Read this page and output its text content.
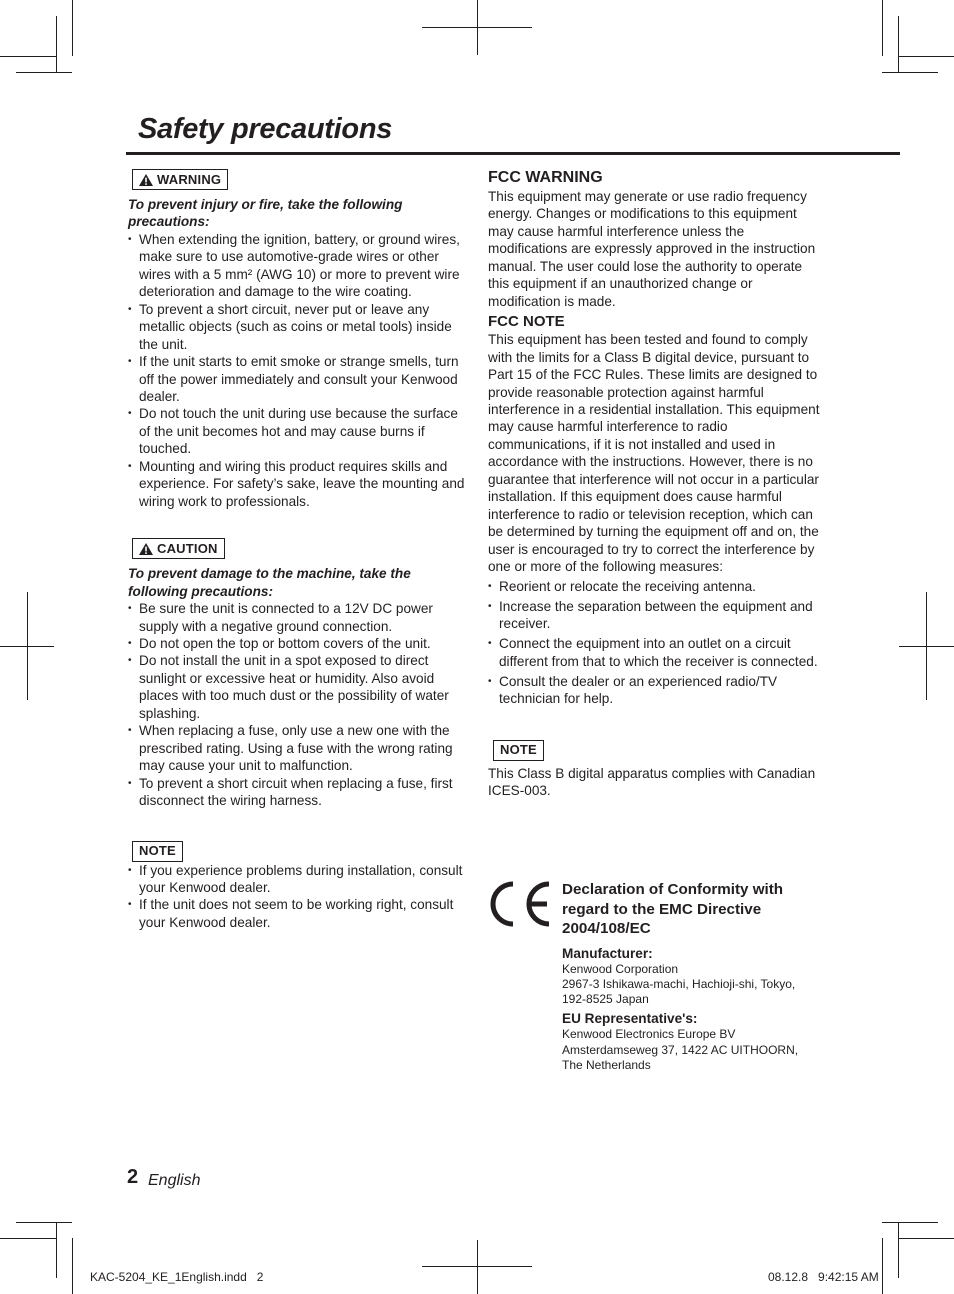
Safety precautions
WARNING
To prevent injury or fire, take the following precautions:
• When extending the ignition, battery, or ground wires, make sure to use automotive-grade wires or other wires with a 5 mm² (AWG 10) or more to prevent wire deterioration and damage to the wire coating.
• To prevent a short circuit, never put or leave any metallic objects (such as coins or metal tools) inside the unit.
• If the unit starts to emit smoke or strange smells, turn off the power immediately and consult your Kenwood dealer.
• Do not touch the unit during use because the surface of the unit becomes hot and may cause burns if touched.
• Mounting and wiring this product requires skills and experience. For safety’s sake, leave the mounting and wiring work to professionals.
CAUTION
To prevent damage to the machine, take the following precautions:
• Be sure the unit is connected to a 12V DC power supply with a negative ground connection.
• Do not open the top or bottom covers of the unit.
• Do not install the unit in a spot exposed to direct sunlight or excessive heat or humidity. Also avoid places with too much dust or the possibility of water splashing.
• When replacing a fuse, only use a new one with the prescribed rating. Using a fuse with the wrong rating may cause your unit to malfunction.
• To prevent a short circuit when replacing a fuse, first disconnect the wiring harness.
NOTE
• If you experience problems during installation, consult your Kenwood dealer.
• If the unit does not seem to be working right, consult your Kenwood dealer.
FCC WARNING

This equipment may generate or use radio frequency energy. Changes or modifications to this equipment may cause harmful interference unless the modifications are expressly approved in the instruction manual. The user could lose the authority to operate this equipment if an unauthorized change or modification is made.

FCC NOTE

This equipment has been tested and found to comply with the limits for a Class B digital device, pursuant to Part 15 of the FCC Rules. These limits are designed to provide reasonable protection against harmful interference in a residential installation. This equipment may cause harmful interference to radio communications, if it is not installed and used in accordance with the instructions. However, there is no guarantee that interference will not occur in a particular installation. If this equipment does cause harmful interference to radio or television reception, which can be determined by turning the equipment off and on, the user is encouraged to try to correct the interference by one or more of the following measures:

• Reorient or relocate the receiving antenna.
• Increase the separation between the equipment and receiver.
• Connect the equipment into an outlet on a circuit different from that to which the receiver is connected.
• Consult the dealer or an experienced radio/TV technician for help.
NOTE

This Class B digital apparatus complies with Canadian ICES-003.

Declaration of Conformity with regard to the EMC Directive 2004/108/EC
Manufacturer:
Kenwood Corporation
2967-3 Ishikawa-machi, Hachioji-shi, Tokyo, 192-8525 Japan
EU Representative's:
Kenwood Electronics Europe BV
Amsterdamseweg 37, 1422 AC UITHOORN,
The Netherlands
2 English
KAC-5204_KE_1English.indd   2	08.12.8   9:42:15 AM
